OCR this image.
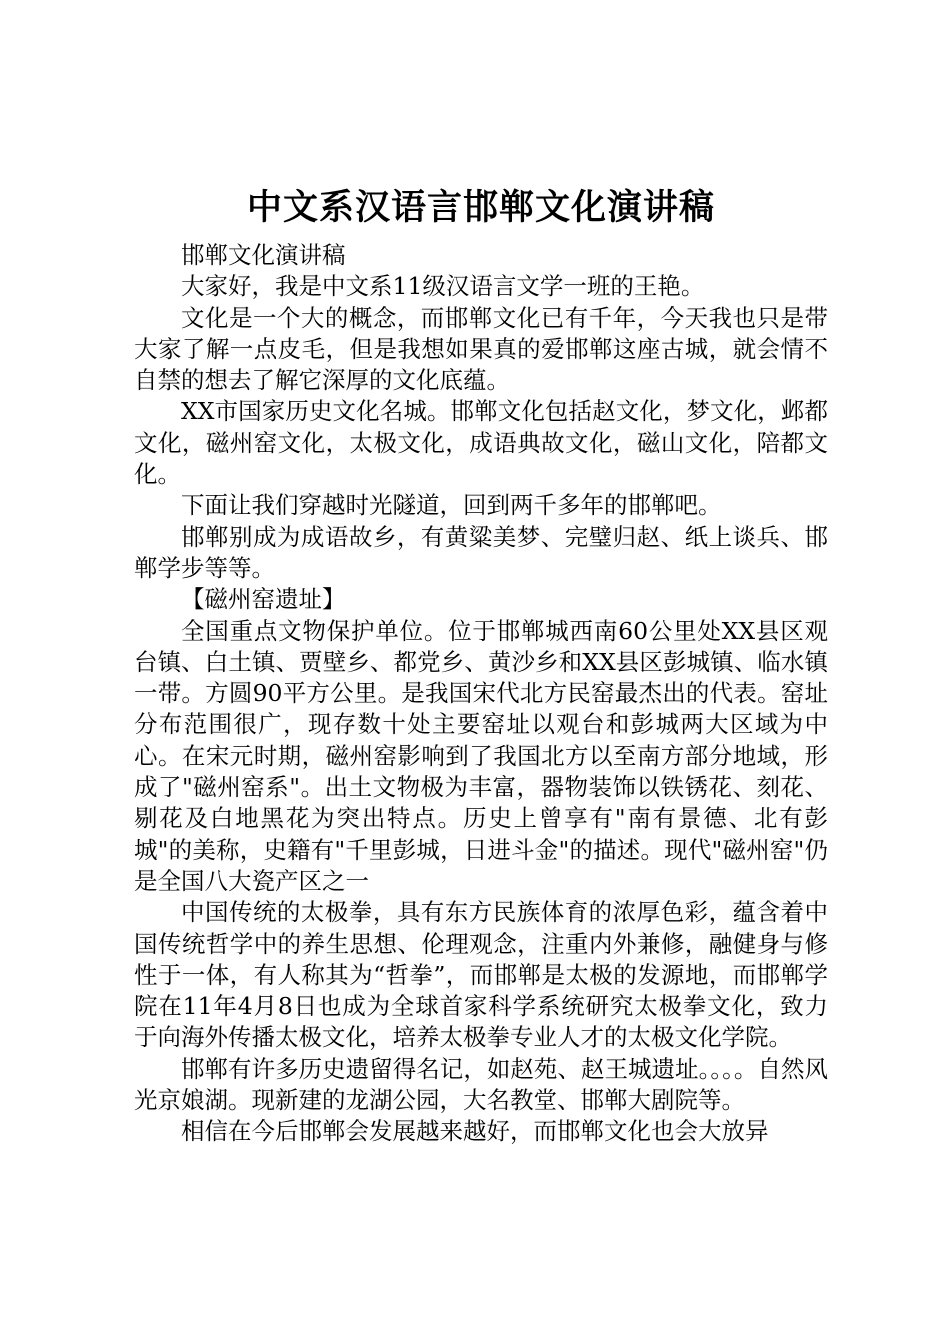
中文系汉语言邯郸文化演讲稿

邯郸文化演讲稿

大家好，我是中文系11级汉语言文学一班的王艳。

文化是一个大的概念，而邯郸文化已有千年，今天我也只是带大家了解一点皮毛，但是我想如果真的爱邯郸这座古城，就会情不自禁的想去了解它深厚的文化底蕴。

XX市国家历史文化名城。邯郸文化包括赵文化，梦文化，邺都文化，磁州窑文化，太极文化，成语典故文化，磁山文化，陪都文化。

下面让我们穿越时光隧道，回到两千多年的邯郸吧。

邯郸别成为成语故乡，有黄粱美梦、完璧归赵、纸上谈兵、邯郸学步等等。

【磁州窑遗址】

全国重点文物保护单位。位于邯郸城西南60公里处XX县区观台镇、白土镇、贾壁乡、都党乡、黄沙乡和XX县区彭城镇、临水镇一带。方圆90平方公里。是我国宋代北方民窑最杰出的代表。窑址分布范围很广，现存数十处主要窑址以观台和彭城两大区域为中心。在宋元时期，磁州窑影响到了我国北方以至南方部分地域，形成了"磁州窑系"。出土文物极为丰富，器物装饰以铁锈花、刻花、剔花及白地黑花为突出特点。历史上曾享有"南有景德、北有彭城"的美称，史籍有"千里彭城，日进斗金"的描述。现代"磁州窑"仍是全国八大瓷产区之一

中国传统的太极拳，具有东方民族体育的浓厚色彩，蕴含着中国传统哲学中的养生思想、伦理观念，注重内外兼修，融健身与修性于一体，有人称其为“哲拳”，而邯郸是太极的发源地，而邯郸学院在11年4月8日也成为全球首家科学系统研究太极拳文化，致力于向海外传播太极文化，培养太极拳专业人才的太极文化学院。

邯郸有许多历史遗留得名记，如赵苑、赵王城遗址。。。。自然风光京娘湖。现新建的龙湖公园，大名教堂、邯郸大剧院等。

相信在今后邯郸会发展越来越好，而邯郸文化也会大放异
